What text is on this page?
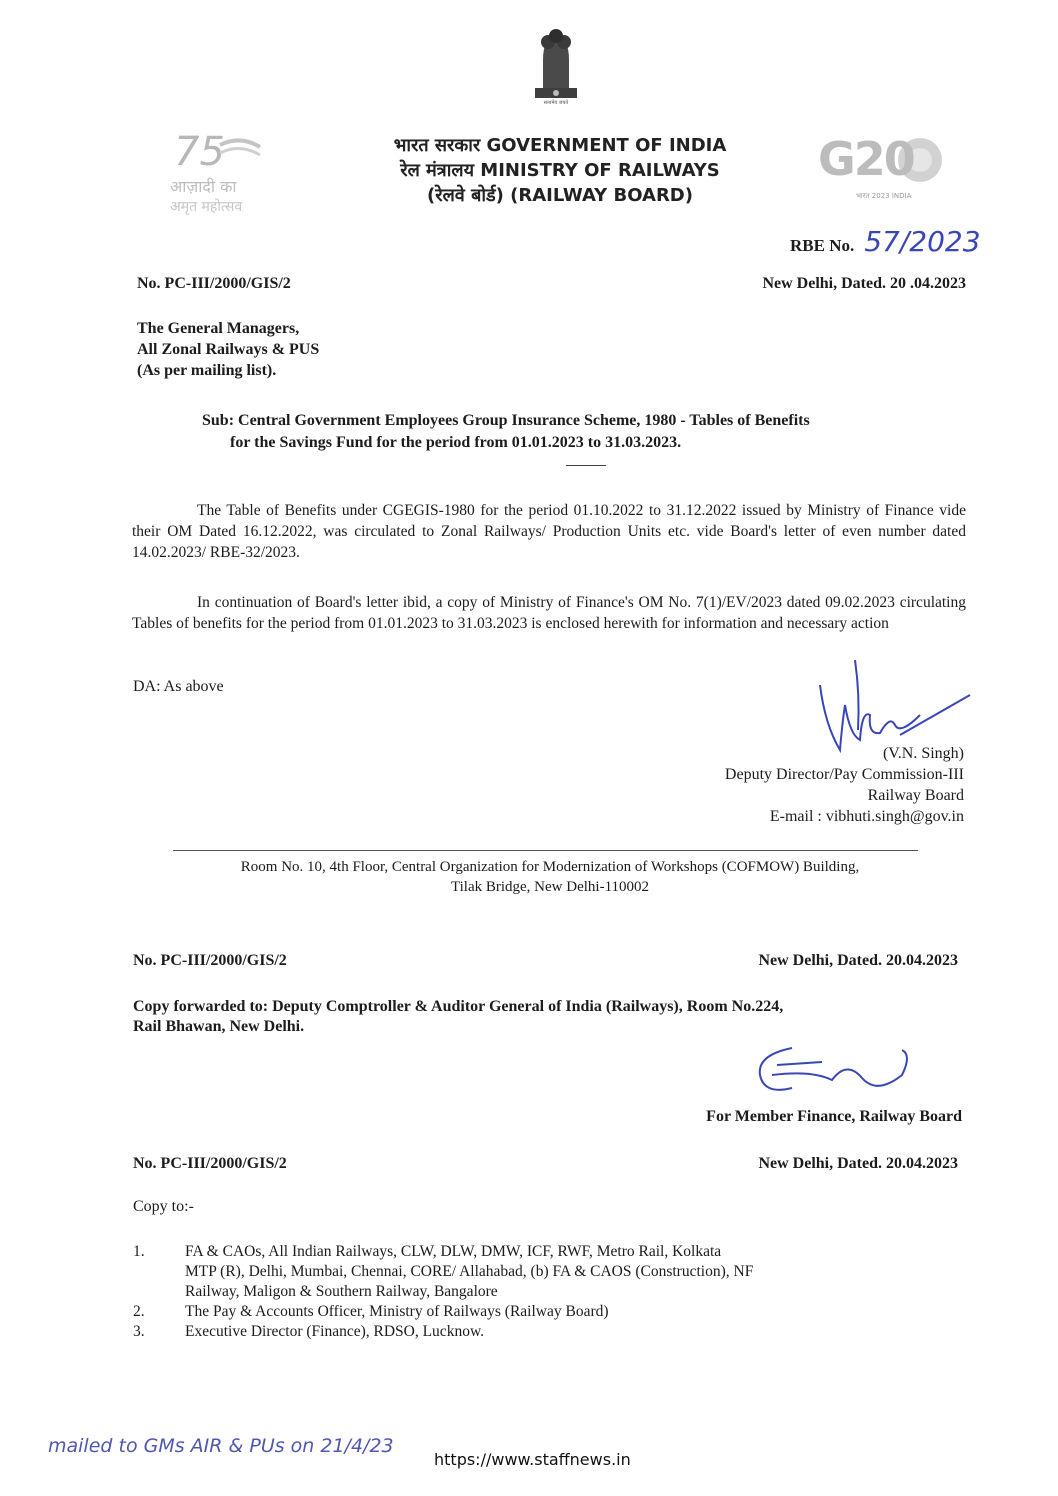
सत्यमेव जयते
75
आज़ादी का
अमृत महोत्सव
भारत सरकार GOVERNMENT OF INDIA
रेल मंत्रालय MINISTRY OF RAILWAYS
(रेलवे बोर्ड) (RAILWAY BOARD)
G20
भारत 2023 INDIA
RBE No. 57/2023
No. PC-III/2000/GIS/2	New Delhi, Dated. 20 .04.2023
The General Managers,
All Zonal Railways & PUS
(As per mailing list).
Sub: Central Government Employees Group Insurance Scheme, 1980 - Tables of Benefits
for the Savings Fund for the period from 01.01.2023 to 31.03.2023.
The Table of Benefits under CGEGIS-1980 for the period 01.10.2022 to 31.12.2022 issued by Ministry of Finance vide their OM Dated 16.12.2022, was circulated to Zonal Railways/ Production Units etc. vide Board's letter of even number dated 14.02.2023/ RBE-32/2023.
In continuation of Board's letter ibid, a copy of Ministry of Finance's OM No. 7(1)/EV/2023 dated 09.02.2023 circulating Tables of benefits for the period from 01.01.2023 to 31.03.2023 is enclosed herewith for information and necessary action
DA: As above
(V.N. Singh)
Deputy Director/Pay Commission-III
Railway Board
E-mail : vibhuti.singh@gov.in
Room No. 10, 4th Floor, Central Organization for Modernization of Workshops (COFMOW) Building,
Tilak Bridge, New Delhi-110002
No. PC-III/2000/GIS/2	New Delhi, Dated. 20.04.2023
Copy forwarded to: Deputy Comptroller & Auditor General of India (Railways), Room No.224,
Rail Bhawan, New Delhi.
For Member Finance, Railway Board
No. PC-III/2000/GIS/2	New Delhi, Dated. 20.04.2023
Copy to:-
1.	FA & CAOs, All Indian Railways, CLW, DLW, DMW, ICF, RWF, Metro Rail, Kolkata
MTP (R), Delhi, Mumbai, Chennai, CORE/ Allahabad, (b) FA & CAOS (Construction), NF
Railway, Maligon & Southern Railway, Bangalore
2.	The Pay & Accounts Officer, Ministry of Railways (Railway Board)
3.	Executive Director (Finance), RDSO, Lucknow.
mailed to GMs AIR & PUs on 21/4/23
https://www.staffnews.in
